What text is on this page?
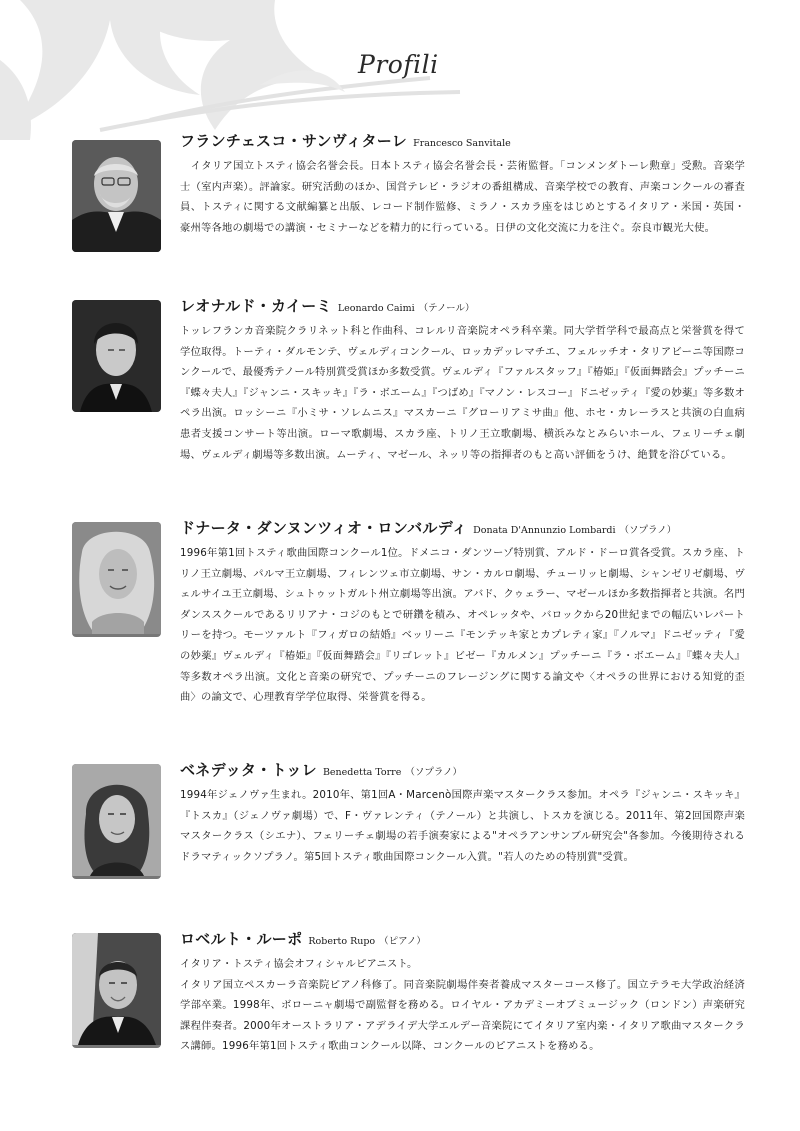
Profili
フランチェスコ・サンヴィターレ Francesco Sanvitale

　イタリア国立トスティ協会名誉会長。日本トスティ協会名誉会長・芸術監督。「コンメンダトーレ勲章」受勲。音楽学士（室内声楽）。評論家。研究活動のほか、国営テレビ・ラジオの番組構成、音楽学校での教育、声楽コンクールの審査員、トスティに関する文献編纂と出版、レコード制作監修、ミラノ・スカラ座をはじめとするイタリア・米国・英国・豪州等各地の劇場での講演・セミナーなどを精力的に行っている。日伊の文化交流に力を注ぐ。奈良市観光大使。

レオナルド・カイーミ Leonardo Caimi （テノール）

トッレフランカ音楽院クラリネット科と作曲科、コレルリ音楽院オペラ科卒業。同大学哲学科で最高点と栄誉賞を得て学位取得。トーティ・ダルモンテ、ヴェルディコンクール、ロッカデッレマチエ、フェルッチオ・タリアビーニ等国際コンクールで、最優秀テノール特別賞受賞ほか多数受賞。ヴェルディ『ファルスタッフ』『椿姫』『仮面舞踏会』プッチーニ『蝶々夫人』『ジャンニ・スキッキ』『ラ・ボエーム』『つばめ』『マノン・レスコー』ドニゼッティ『愛の妙薬』等多数オペラ出演。ロッシーニ『小ミサ・ソレムニス』マスカーニ『グローリアミサ曲』他、ホセ・カレーラスと共演の白血病患者支援コンサート等出演。ローマ歌劇場、スカラ座、トリノ王立歌劇場、横浜みなとみらいホール、フェリーチェ劇場、ヴェルディ劇場等多数出演。ムーティ、マゼール、ネッリ等の指揮者のもと高い評価をうけ、絶賛を浴びている。

ドナータ・ダンヌンツィオ・ロンバルディ Donata D'Annunzio Lombardi （ソプラノ）

1996年第1回トスティ歌曲国際コンクール1位。ドメニコ・ダンツーゾ特別賞、アルド・ドーロ賞各受賞。スカラ座、トリノ王立劇場、パルマ王立劇場、フィレンツェ市立劇場、サン・カルロ劇場、チューリッヒ劇場、シャンゼリゼ劇場、ヴェルサイユ王立劇場、シュトゥットガルト州立劇場等出演。アバド、クゥェラー、マゼールほか多数指揮者と共演。名門ダンススクールであるリリアナ・コジのもとで研鑽を積み、オペレッタや、バロックから20世紀までの幅広いレパートリーを持つ。モーツァルト『フィガロの結婚』ベッリーニ『モンテッキ家とカプレティ家』『ノルマ』ドニゼッティ『愛の妙薬』ヴェルディ『椿姫』『仮面舞踏会』『リゴレット』ビゼー『カルメン』プッチーニ『ラ・ボエーム』『蝶々夫人』等多数オペラ出演。文化と音楽の研究で、プッチーニのフレージングに関する論文や〈オペラの世界における知覚的歪曲〉の論文で、心理教育学学位取得、栄誉賞を得る。

ベネデッタ・トッレ Benedetta Torre （ソプラノ）

1994年ジェノヴァ生まれ。2010年、第1回A・Marcenò国際声楽マスタークラス参加。オペラ『ジャンニ・スキッキ』『トスカ』（ジェノヴァ劇場）で、F・ヴァレンティ（テノール）と共演し、トスカを演じる。2011年、第2回国際声楽マスタークラス（シエナ）、フェリーチェ劇場の若手演奏家による"オペラアンサンブル研究会"各参加。今後期待されるドラマティックソプラノ。第5回トスティ歌曲国際コンクール入賞。"若人のための特別賞"受賞。

ロベルト・ルーポ Roberto Rupo （ピアノ）

イタリア・トスティ協会オフィシャルピアニスト。
イタリア国立ペスカーラ音楽院ピアノ科修了。同音楽院劇場伴奏者養成マスターコース修了。国立テラモ大学政治経済学部卒業。1998年、ボローニャ劇場で副監督を務める。ロイヤル・アカデミーオブミュージック（ロンドン）声楽研究課程伴奏者。2000年オーストラリア・アデライデ大学エルデー音楽院にてイタリア室内楽・イタリア歌曲マスタークラス講師。1996年第1回トスティ歌曲コンクール以降、コンクールのピアニストを務める。
